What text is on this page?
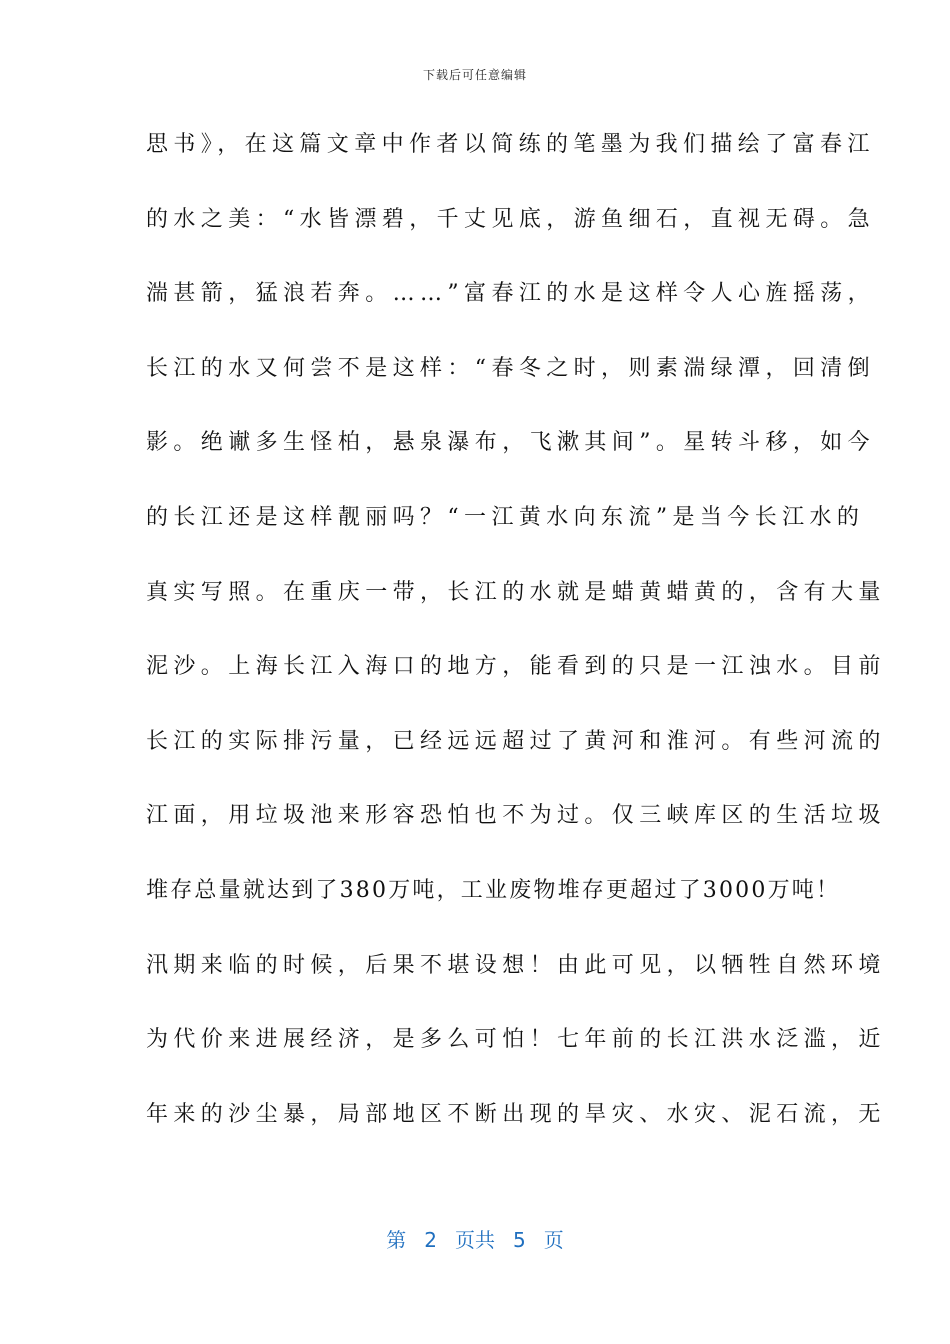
下载后可任意编辑
思书》，在这篇文章中作者以简练的笔墨为我们描绘了富春江
的水之美：“水皆漂碧，千丈见底，游鱼细石，直视无碍。急
湍甚箭，猛浪若奔。……”富春江的水是这样令人心旌摇荡，
长江的水又何尝不是这样：“春冬之时，则素湍绿潭，回清倒
影。绝谳多生怪柏，悬泉瀑布，飞漱其间”。星转斗移，如今
的长江还是这样靓丽吗？“一江黄水向东流”是当今长江水的
真实写照。在重庆一带，长江的水就是蜡黄蜡黄的，含有大量
泥沙。上海长江入海口的地方，能看到的只是一江浊水。目前
长江的实际排污量，已经远远超过了黄河和淮河。有些河流的
江面，用垃圾池来形容恐怕也不为过。仅三峡库区的生活垃圾
堆存总量就达到了380万吨，工业废物堆存更超过了3000万吨！
汛期来临的时候，后果不堪设想！由此可见，以牺牲自然环境
为代价来进展经济，是多么可怕！七年前的长江洪水泛滥，近
年来的沙尘暴，局部地区不断出现的旱灾、水灾、泥石流，无
第 2 页共 5 页
